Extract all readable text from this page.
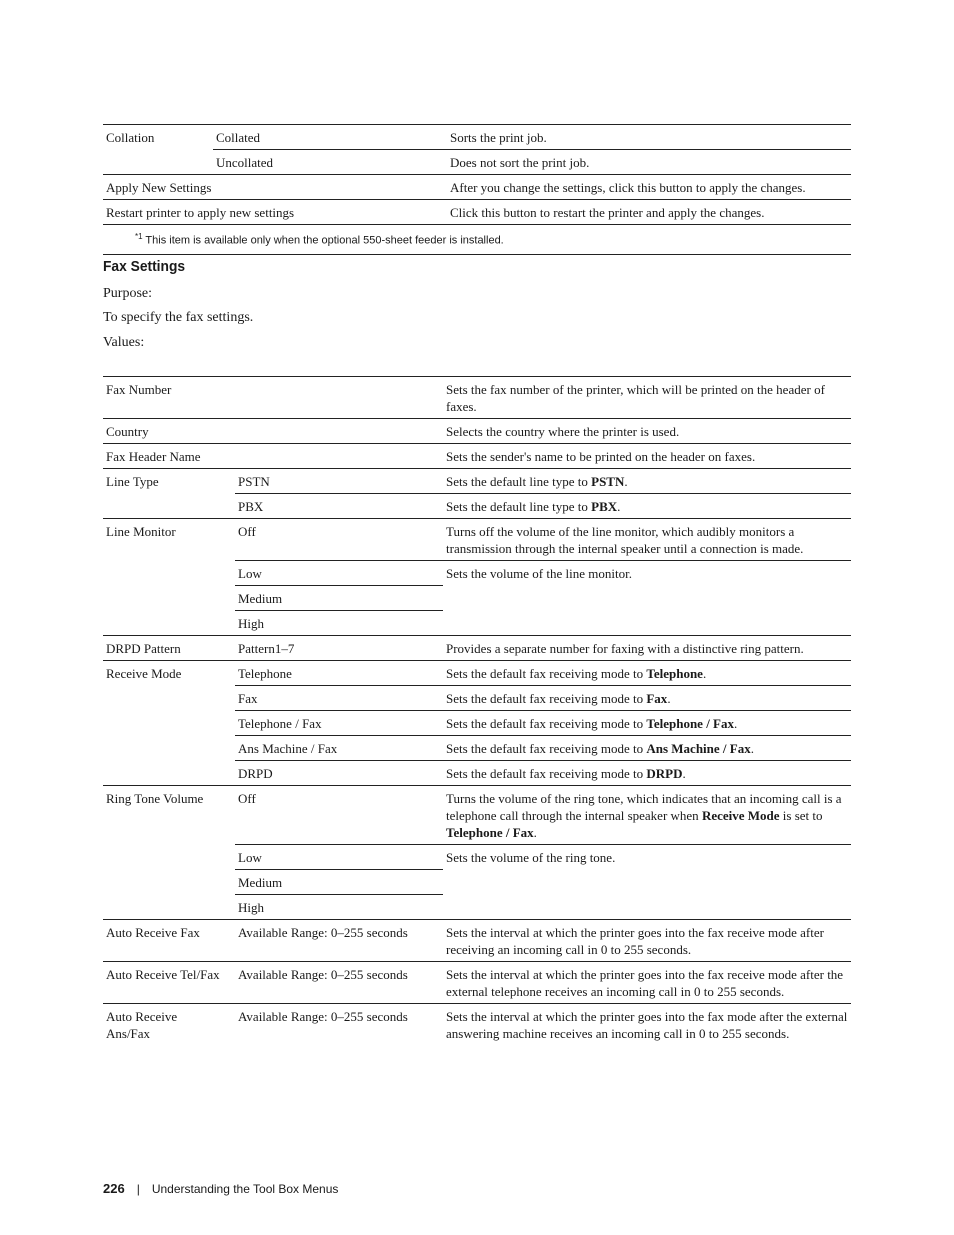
Collation	Collated	Sorts the print job.
	Uncollated	Does not sort the print job.
Apply New Settings		After you change the settings, click this button to apply the changes.
Restart printer to apply new settings		Click this button to restart the printer and apply the changes.
$^{*1}$ This item is available only when the optional 550-sheet feeder is installed.		
Fax Settings
Purpose:
To specify the fax settings.
Values:
Fax Number		Sets the fax number of the printer, which will be printed on the header of faxes.
Country		Selects the country where the printer is used.
Fax Header Name		Sets the sender's name to be printed on the header on faxes.
Line Type	PSTN	Sets the default line type to PSTN.
	PBX	Sets the default line type to PBX.
Line Monitor	Off	Turns off the volume of the line monitor, which audibly monitors a transmission through the internal speaker until a connection is made.
	Low	Sets the volume of the line monitor.
	Medium	
	High	
DRPD Pattern	Pattern1–7	Provides a separate number for faxing with a distinctive ring pattern.
Receive Mode	Telephone	Sets the default fax receiving mode to Telephone.
	Fax	Sets the default fax receiving mode to Fax.
	Telephone / Fax	Sets the default fax receiving mode to Telephone / Fax.
	Ans Machine / Fax	Sets the default fax receiving mode to Ans Machine / Fax.
	DRPD	Sets the default fax receiving mode to DRPD.
Ring Tone Volume	Off	Turns the volume of the ring tone, which indicates that an incoming call is a telephone call through the internal speaker when Receive Mode is set to Telephone / Fax.
	Low	Sets the volume of the ring tone.
	Medium	
	High	
Auto Receive Fax	Available Range: 0–255 seconds	Sets the interval at which the printer goes into the fax receive mode after receiving an incoming call in 0 to 255 seconds.
Auto Receive Tel/Fax	Available Range: 0–255 seconds	Sets the interval at which the printer goes into the fax receive mode after the external telephone receives an incoming call in 0 to 255 seconds.
Auto Receive Ans/Fax	Available Range: 0–255 seconds	Sets the interval at which the printer goes into the fax mode after the external answering machine receives an incoming call in 0 to 255 seconds.
226 | Understanding the Tool Box Menus
